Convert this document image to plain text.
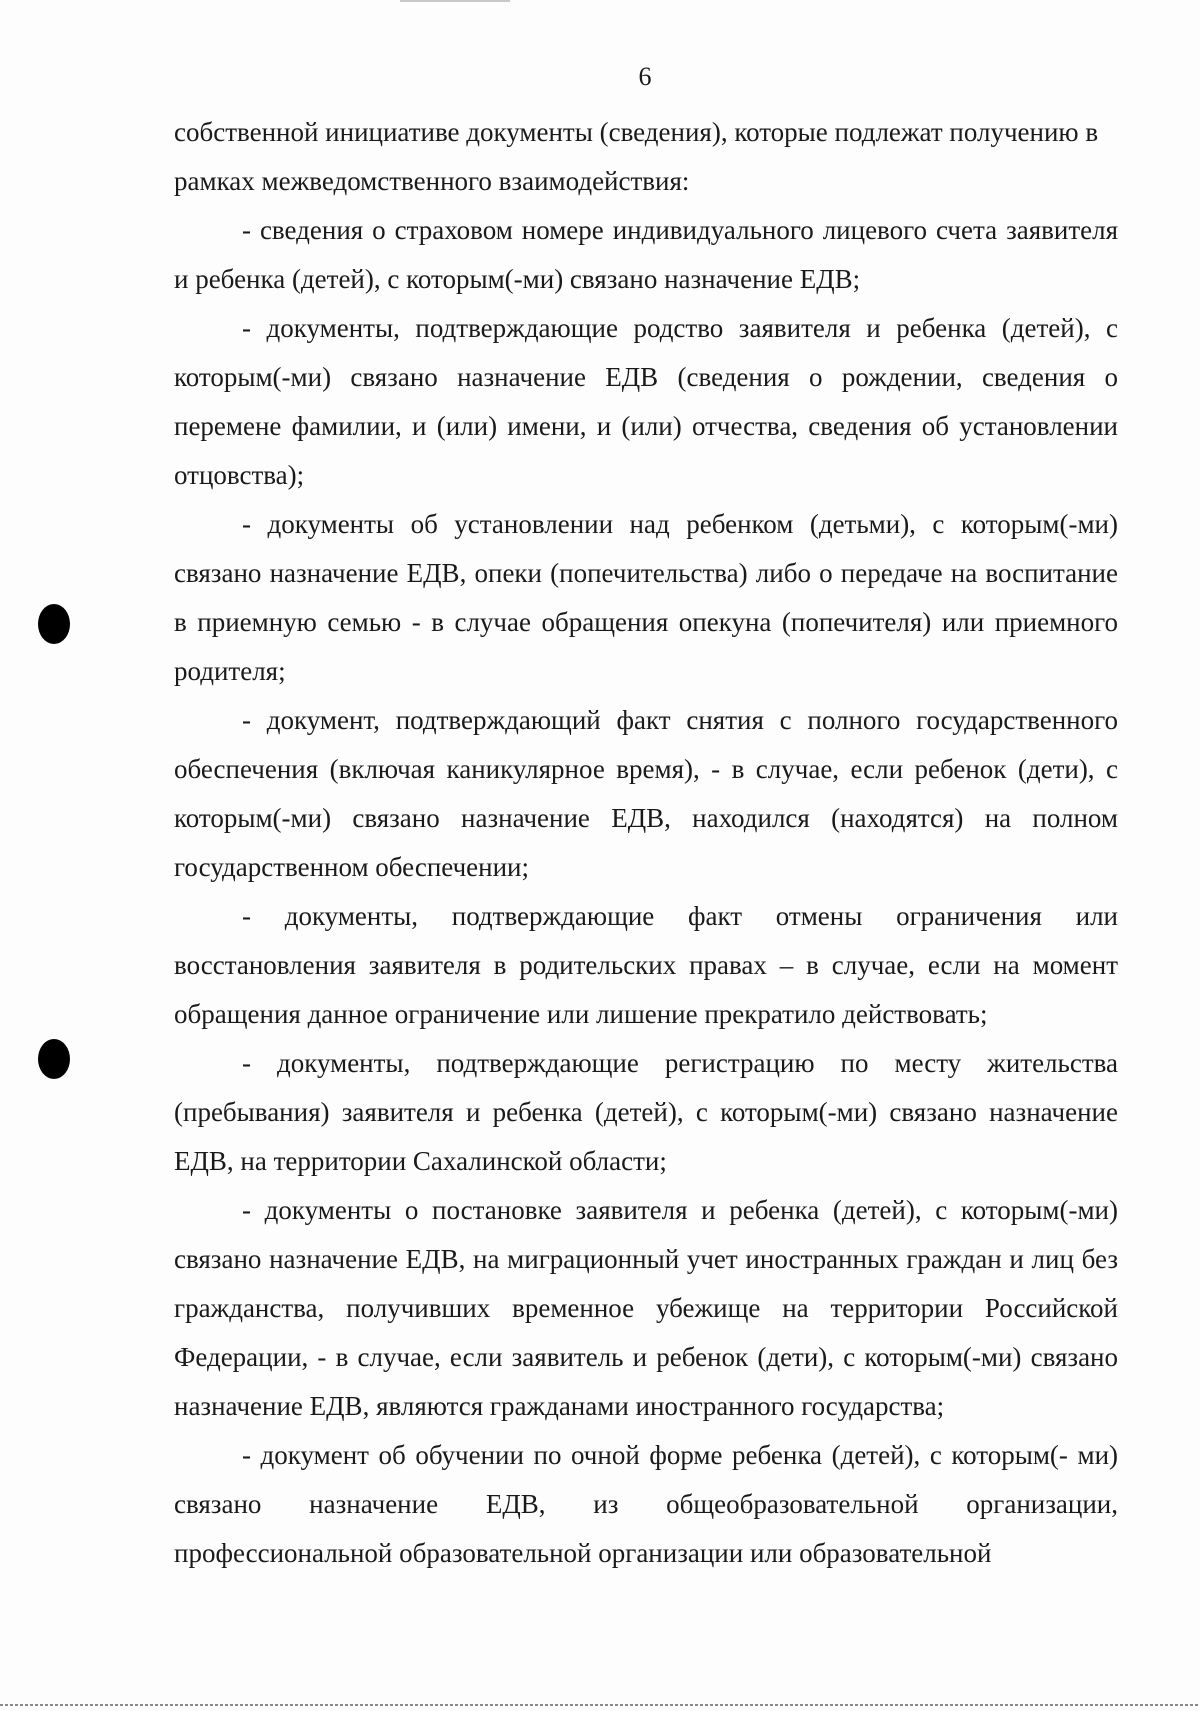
6

собственной инициативе документы (сведения), которые подлежат получению в рамках межведомственного взаимодействия:

- сведения о страховом номере индивидуального лицевого счета заявителя и ребенка (детей), с которым(-ми) связано назначение ЕДВ;

- документы, подтверждающие родство заявителя и ребенка (детей), с которым(-ми) связано назначение ЕДВ (сведения о рождении, сведения о перемене фамилии, и (или) имени, и (или) отчества, сведения об установлении отцовства);

- документы об установлении над ребенком (детьми), с которым(-ми) связано назначение ЕДВ, опеки (попечительства) либо о передаче на воспитание в приемную семью - в случае обращения опекуна (попечителя) или приемного родителя;

- документ, подтверждающий факт снятия с полного государственного обеспечения (включая каникулярное время), - в случае, если ребенок (дети), с которым(-ми) связано назначение ЕДВ, находился (находятся) на полном государственном обеспечении;

- документы, подтверждающие факт отмены ограничения или восстановления заявителя в родительских правах – в случае, если на момент обращения данное ограничение или лишение прекратило действовать;

- документы, подтверждающие регистрацию по месту жительства (пребывания) заявителя и ребенка (детей), с которым(-ми) связано назначение ЕДВ, на территории Сахалинской области;

- документы о постановке заявителя и ребенка (детей), с которым(-ми) связано назначение ЕДВ, на миграционный учет иностранных граждан и лиц без гражданства, получивших временное убежище на территории Российской Федерации, - в случае, если заявитель и ребенок (дети), с которым(-ми) связано назначение ЕДВ, являются гражданами иностранного государства;

- документ об обучении по очной форме ребенка (детей), с которым(- ми) связано назначение ЕДВ, из общеобразовательной организации, профессиональной образовательной организации или образовательной
